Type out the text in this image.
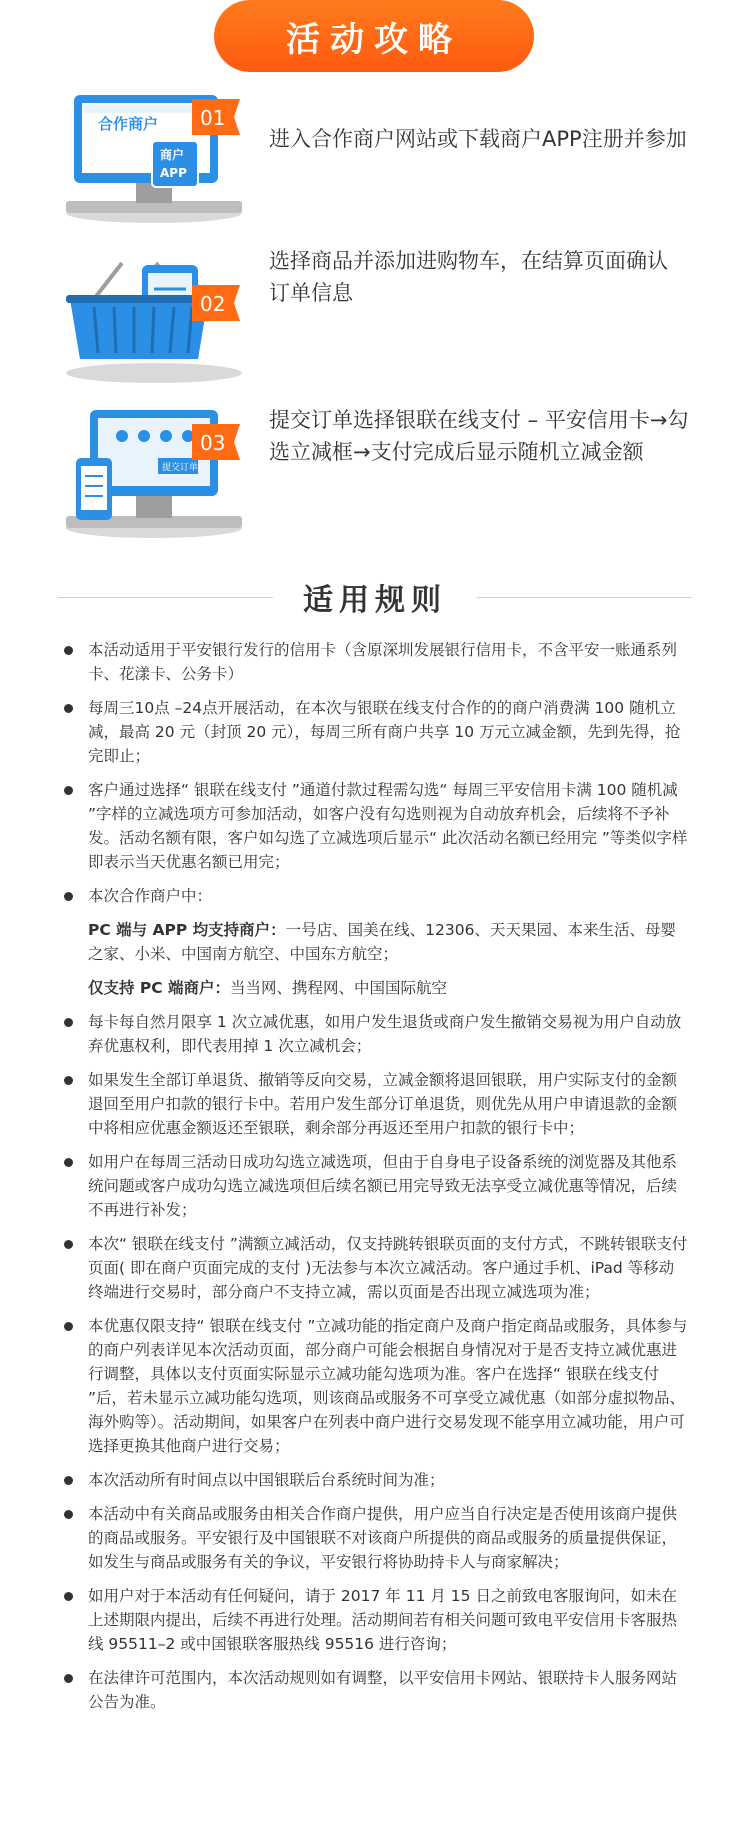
活动攻略
合作商户
商户
APP
01
进入合作商户网站或下载商户APP注册并参加
02
选择商品并添加进购物车，在结算页面确认订单信息
提交订单
03
提交订单选择银联在线支付 – 平安信用卡→勾选立减框→支付完成后显示随机立减金额
适用规则
本活动适用于平安银行发行的信用卡（含原深圳发展银行信用卡，不含平安一账通系列卡、花漾卡、公务卡）
每周三10点 –24点开展活动，在本次与银联在线支付合作的的商户消费满 100 随机立减，最高 20 元（封顶 20 元），每周三所有商户共享 10 万元立减金额，先到先得，抢完即止；
客户通过选择“ 银联在线支付 ”通道付款过程需勾选“ 每周三平安信用卡满 100 随机减 ”字样的立减选项方可参加活动，如客户没有勾选则视为自动放弃机会，后续将不予补发。活动名额有限，客户如勾选了立减选项后显示“ 此次活动名额已经用完 ”等类似字样即表示当天优惠名额已用完；
本次合作商户中：
PC 端与 APP 均支持商户：一号店、国美在线、12306、天天果园、本来生活、母婴之家、小米、中国南方航空、中国东方航空；
仅支持 PC 端商户：当当网、携程网、中国国际航空
每卡每自然月限享 1 次立减优惠，如用户发生退货或商户发生撤销交易视为用户自动放弃优惠权利，即代表用掉 1 次立减机会；
如果发生全部订单退货、撤销等反向交易，立减金额将退回银联，用户实际支付的金额退回至用户扣款的银行卡中。若用户发生部分订单退货，则优先从用户申请退款的金额中将相应优惠金额返还至银联，剩余部分再返还至用户扣款的银行卡中；
如用户在每周三活动日成功勾选立减选项，但由于自身电子设备系统的浏览器及其他系统问题或客户成功勾选立减选项但后续名额已用完导致无法享受立减优惠等情况，后续不再进行补发；
本次“ 银联在线支付 ”满额立减活动，仅支持跳转银联页面的支付方式，不跳转银联支付页面( 即在商户页面完成的支付 )无法参与本次立减活动。客户通过手机、iPad 等移动终端进行交易时，部分商户不支持立减，需以页面是否出现立减选项为准；
本优惠仅限支持“ 银联在线支付 ”立减功能的指定商户及商户指定商品或服务，具体参与的商户列表详见本次活动页面，部分商户可能会根据自身情况对于是否支持立减优惠进行调整，具体以支付页面实际显示立减功能勾选项为准。客户在选择“ 银联在线支付 ”后，若未显示立减功能勾选项，则该商品或服务不可享受立减优惠（如部分虚拟物品、海外购等）。活动期间，如果客户在列表中商户进行交易发现不能享用立减功能，用户可选择更换其他商户进行交易；
本次活动所有时间点以中国银联后台系统时间为准；
本活动中有关商品或服务由相关合作商户提供，用户应当自行决定是否使用该商户提供的商品或服务。平安银行及中国银联不对该商户所提供的商品或服务的质量提供保证，如发生与商品或服务有关的争议，平安银行将协助持卡人与商家解决；
如用户对于本活动有任何疑问，请于 2017 年 11 月 15 日之前致电客服询问，如未在上述期限内提出，后续不再进行处理。活动期间若有相关问题可致电平安信用卡客服热线 95511–2 或中国银联客服热线 95516 进行咨询；
在法律许可范围内，本次活动规则如有调整，以平安信用卡网站、银联持卡人服务网站公告为准。
